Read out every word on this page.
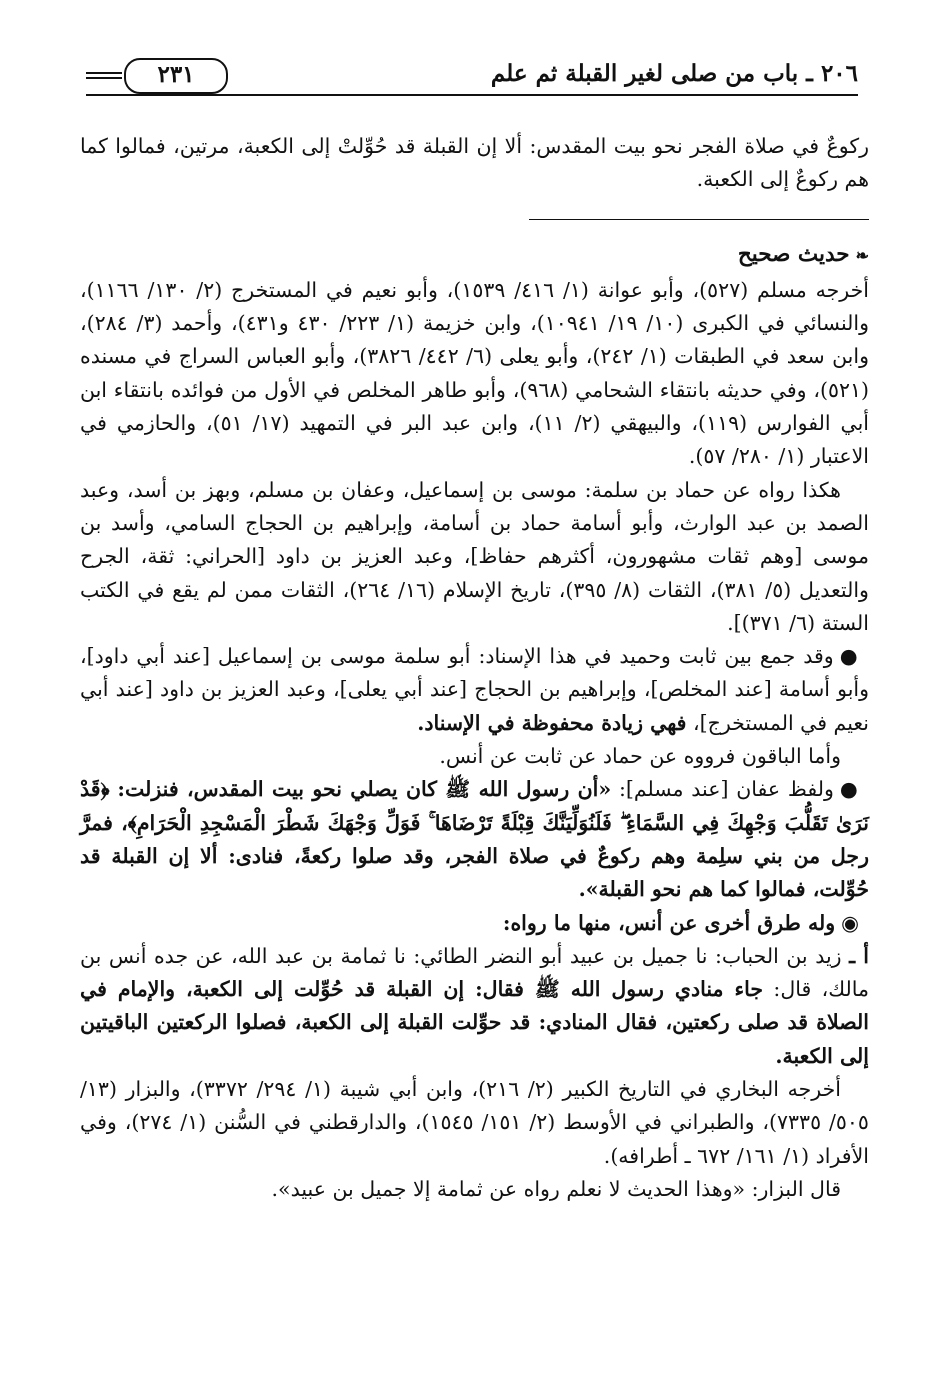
٢٠٦ ـ باب من صلى لغير القبلة ثم علم
٢٣١

ركوعٌ في صلاة الفجر نحو بيت المقدس: ألا إن القبلة قد حُوِّلتْ إلى الكعبة، مرتين، فمالوا كما هم ركوعٌ إلى الكعبة.

❧حديث صحيح

أخرجه مسلم (٥٢٧)، وأبو عوانة (١/ ٤١٦/ ١٥٣٩)، وأبو نعيم في المستخرج (٢/ ١٣٠/ ١١٦٦)، والنسائي في الكبرى (١٠/ ١٩/ ١٠٩٤١)، وابن خزيمة (١/ ٢٢٣/ ٤٣٠ و٤٣١)، وأحمد (٣/ ٢٨٤)، وابن سعد في الطبقات (١/ ٢٤٢)، وأبو يعلى (٦/ ٤٤٢/ ٣٨٢٦)، وأبو العباس السراج في مسنده (٥٢١)، وفي حديثه بانتقاء الشحامي (٩٦٨)، وأبو طاهر المخلص في الأول من فوائده بانتقاء ابن أبي الفوارس (١١٩)، والبيهقي (٢/ ١١)، وابن عبد البر في التمهيد (١٧/ ٥١)، والحازمي في الاعتبار (١/ ٢٨٠/ ٥٧).

هكذا رواه عن حماد بن سلمة: موسى بن إسماعيل، وعفان بن مسلم، وبهز بن أسد، وعبد الصمد بن عبد الوارث، وأبو أسامة حماد بن أسامة، وإبراهيم بن الحجاج السامي، وأسد بن موسى [وهم ثقات مشهورون، أكثرهم حفاظ]، وعبد العزيز بن داود [الحراني: ثقة، الجرح والتعديل (٥/ ٣٨١)، الثقات (٨/ ٣٩٥)، تاريخ الإسلام (١٦/ ٢٦٤)، الثقات ممن لم يقع في الكتب الستة (٦/ ٣٧١)].

●وقد جمع بين ثابت وحميد في هذا الإسناد: أبو سلمة موسى بن إسماعيل [عند أبي داود]، وأبو أسامة [عند المخلص]، وإبراهيم بن الحجاج [عند أبي يعلى]، وعبد العزيز بن داود [عند أبي نعيم في المستخرج]، فهي زيادة محفوظة في الإسناد.

وأما الباقون فرووه عن حماد عن ثابت عن أنس.

●ولفظ عفان [عند مسلم]: «أن رسول الله ﷺ كان يصلي نحو بيت المقدس، فنزلت: ﴿قَدْ نَرَىٰ تَقَلُّبَ وَجْهِكَ فِي السَّمَاءِ ۖ فَلَنُوَلِّيَنَّكَ قِبْلَةً تَرْضَاهَا ۚ فَوَلِّ وَجْهَكَ شَطْرَ الْمَسْجِدِ الْحَرَامِ﴾، فمرَّ رجل من بني سلِمة وهم ركوعٌ في صلاة الفجر، وقد صلوا ركعةً، فنادى: ألا إن القبلة قد حُوِّلت، فمالوا كما هم نحو القبلة».

◉وله طرق أخرى عن أنس، منها ما رواه:

أ ـ زيد بن الحباب: نا جميل بن عبيد أبو النضر الطائي: نا ثمامة بن عبد الله، عن جده أنس بن مالك، قال: جاء منادي رسول الله ﷺ فقال: إن القبلة قد حُوِّلت إلى الكعبة، والإمام في الصلاة قد صلى ركعتين، فقال المنادي: قد حوِّلت القبلة إلى الكعبة، فصلوا الركعتين الباقيتين إلى الكعبة.

أخرجه البخاري في التاريخ الكبير (٢/ ٢١٦)، وابن أبي شيبة (١/ ٢٩٤/ ٣٣٧٢)، والبزار (١٣/ ٥٠٥/ ٧٣٣٥)، والطبراني في الأوسط (٢/ ١٥١/ ١٥٤٥)، والدارقطني في السُّنن (١/ ٢٧٤)، وفي الأفراد (١/ ١٦١/ ٦٧٢ ـ أطرافه).

قال البزار: «وهذا الحديث لا نعلم رواه عن ثمامة إلا جميل بن عبيد».
